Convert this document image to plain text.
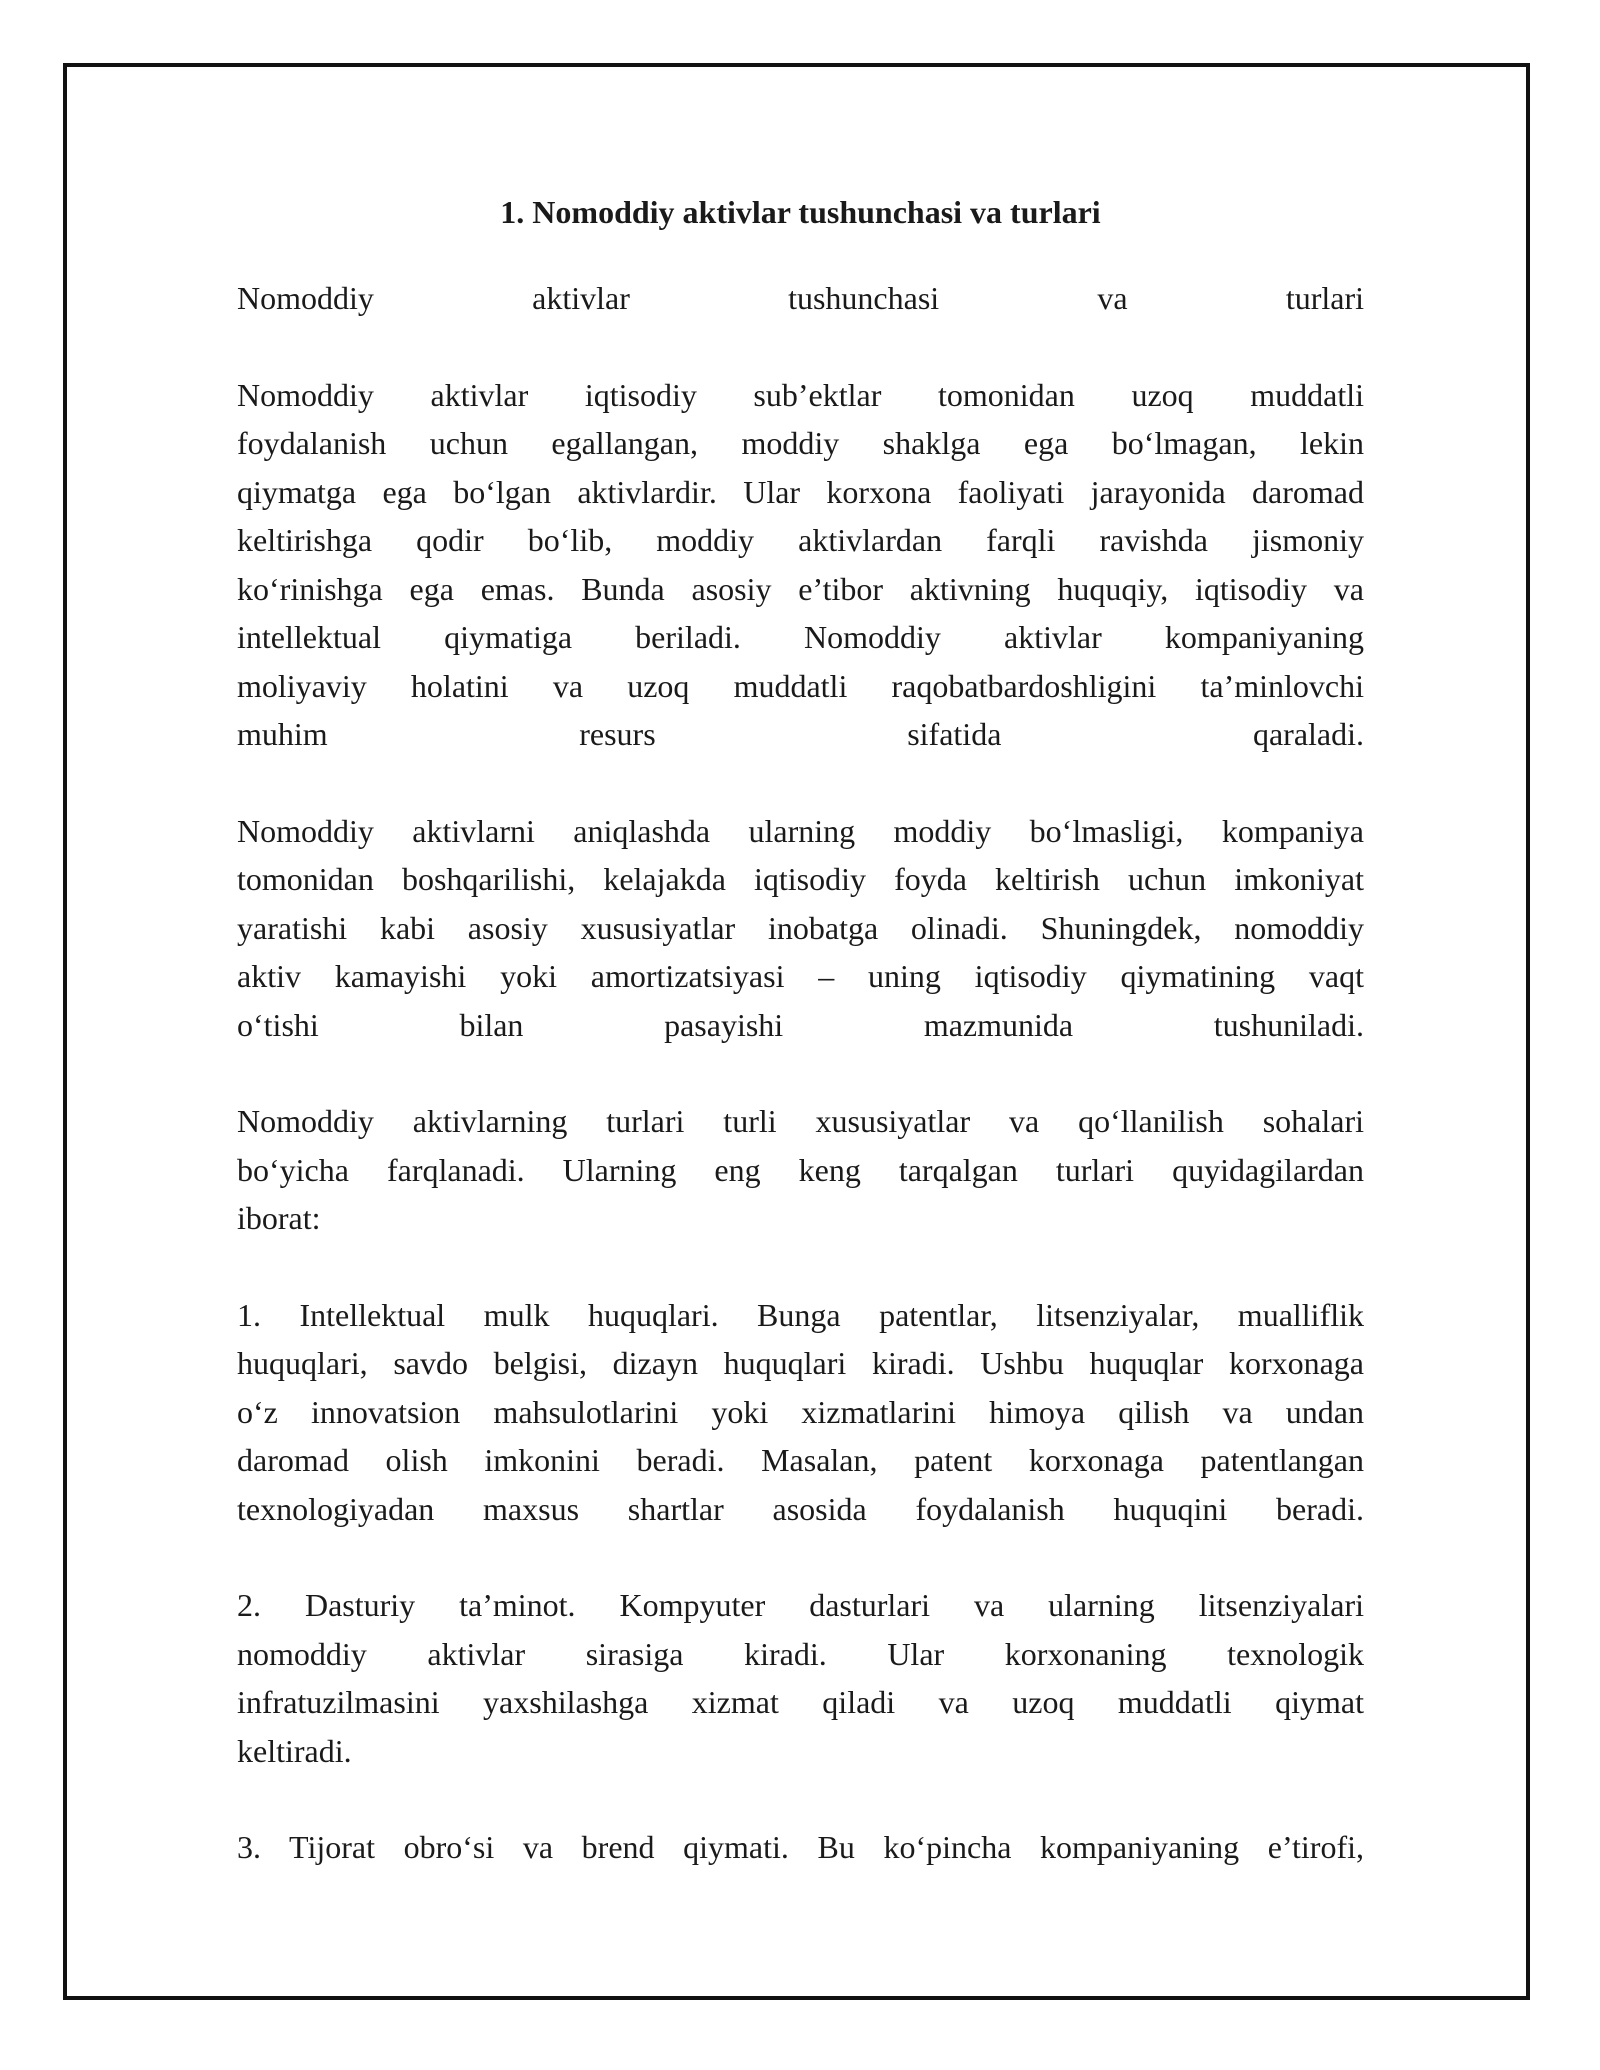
1. Nomoddiy aktivlar tushunchasi va turlari
Nomoddiy aktivlar tushunchasi va turlari
Nomoddiy aktivlar iqtisodiy sub’ektlar tomonidan uzoq muddatli
foydalanish uchun egallangan, moddiy shaklga ega bo‘lmagan, lekin
qiymatga ega bo‘lgan aktivlardir. Ular korxona faoliyati jarayonida daromad
keltirishga qodir bo‘lib, moddiy aktivlardan farqli ravishda jismoniy
ko‘rinishga ega emas. Bunda asosiy e’tibor aktivning huquqiy, iqtisodiy va
intellektual qiymatiga beriladi. Nomoddiy aktivlar kompaniyaning
moliyaviy holatini va uzoq muddatli raqobatbardoshligini ta’minlovchi
muhim resurs sifatida qaraladi.
Nomoddiy aktivlarni aniqlashda ularning moddiy bo‘lmasligi, kompaniya
tomonidan boshqarilishi, kelajakda iqtisodiy foyda keltirish uchun imkoniyat
yaratishi kabi asosiy xususiyatlar inobatga olinadi. Shuningdek, nomoddiy
aktiv kamayishi yoki amortizatsiyasi – uning iqtisodiy qiymatining vaqt
o‘tishi bilan pasayishi mazmunida tushuniladi.
Nomoddiy aktivlarning turlari turli xususiyatlar va qo‘llanilish sohalari
bo‘yicha farqlanadi. Ularning eng keng tarqalgan turlari quyidagilardan
iborat:
1. Intellektual mulk huquqlari. Bunga patentlar, litsenziyalar, mualliflik
huquqlari, savdo belgisi, dizayn huquqlari kiradi. Ushbu huquqlar korxonaga
o‘z innovatsion mahsulotlarini yoki xizmatlarini himoya qilish va undan
daromad olish imkonini beradi. Masalan, patent korxonaga patentlangan
texnologiyadan maxsus shartlar asosida foydalanish huquqini beradi.
2. Dasturiy ta’minot. Kompyuter dasturlari va ularning litsenziyalari
nomoddiy aktivlar sirasiga kiradi. Ular korxonaning texnologik
infratuzilmasini yaxshilashga xizmat qiladi va uzoq muddatli qiymat
keltiradi.
3. Tijorat obro‘si va brend qiymati. Bu ko‘pincha kompaniyaning e’tirofi,
